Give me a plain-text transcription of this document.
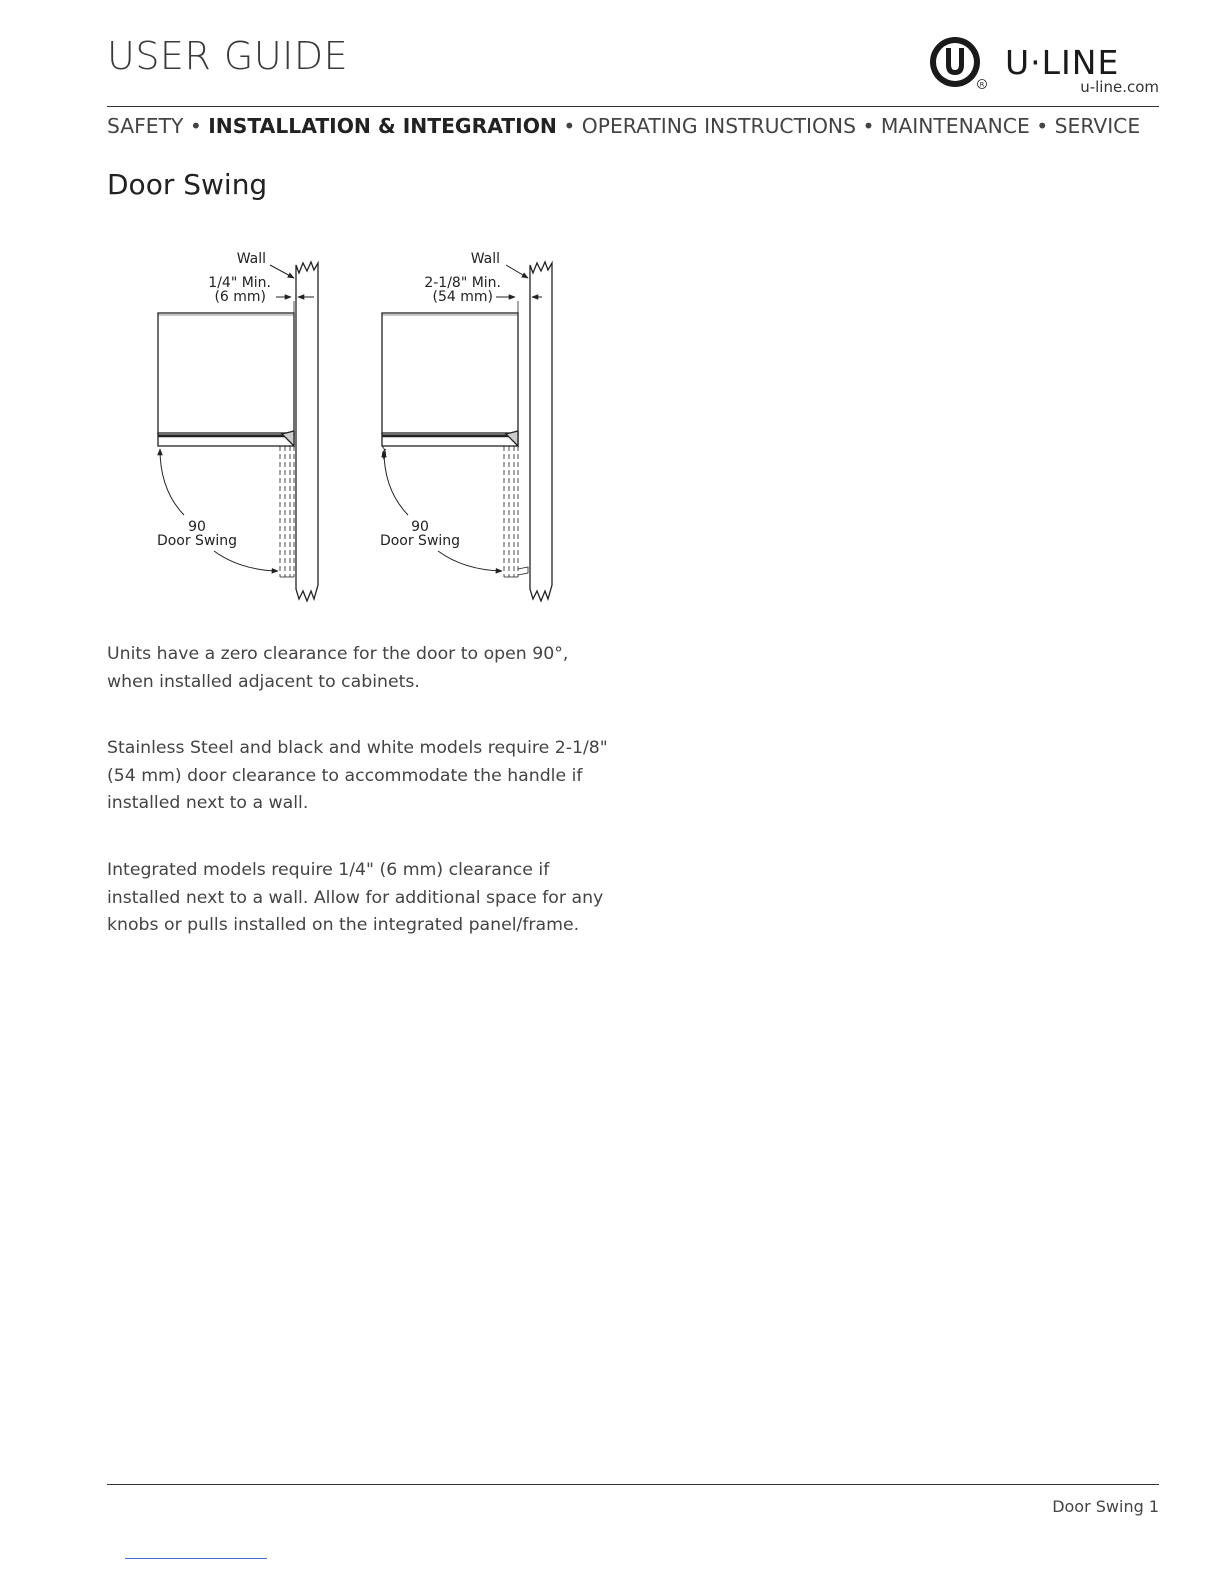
USER GUIDE
R
U·LINE
u-line.com
SAFETY • INSTALLATION & INTEGRATION • OPERATING INSTRUCTIONS • MAINTENANCE • SERVICE
Door Swing
Wall
1/4" Min.
(6 mm)
90
Door Swing
Wall
2-1/8" Min.
(54 mm)
90
Door Swing
Units have a zero clearance for the door to open 90°,
when installed adjacent to cabinets.
Stainless Steel and black and white models require 2-1/8"
(54 mm) door clearance to accommodate the handle if
installed next to a wall.
Integrated models require 1/4" (6 mm) clearance if
installed next to a wall. Allow for additional space for any
knobs or pulls installed on the integrated panel/frame.
Door Swing 1
